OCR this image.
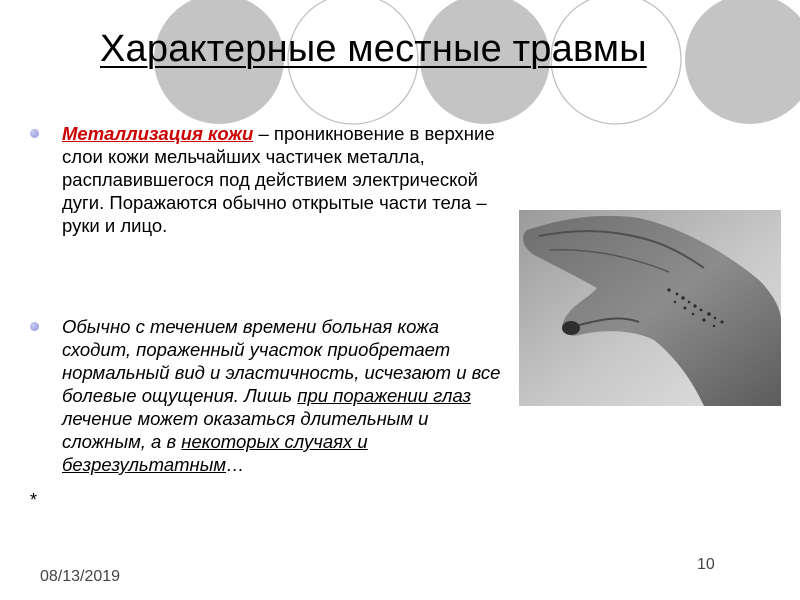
Характерные местные травмы
Металлизация кожи – проникновение в верхние слои кожи мельчайших частичек металла, расплавившегося под действием электрической дуги. Поражаются обычно открытые части тела – руки и лицо.
Обычно с течением времени больная кожа сходит, пораженный участок приобретает нормальный вид и эластичность, исчезают и все болевые ощущения. Лишь при поражении глаз лечение может оказаться длительным и сложным, а в некоторых случаях и безрезультатным…
*
08/13/2019
10
